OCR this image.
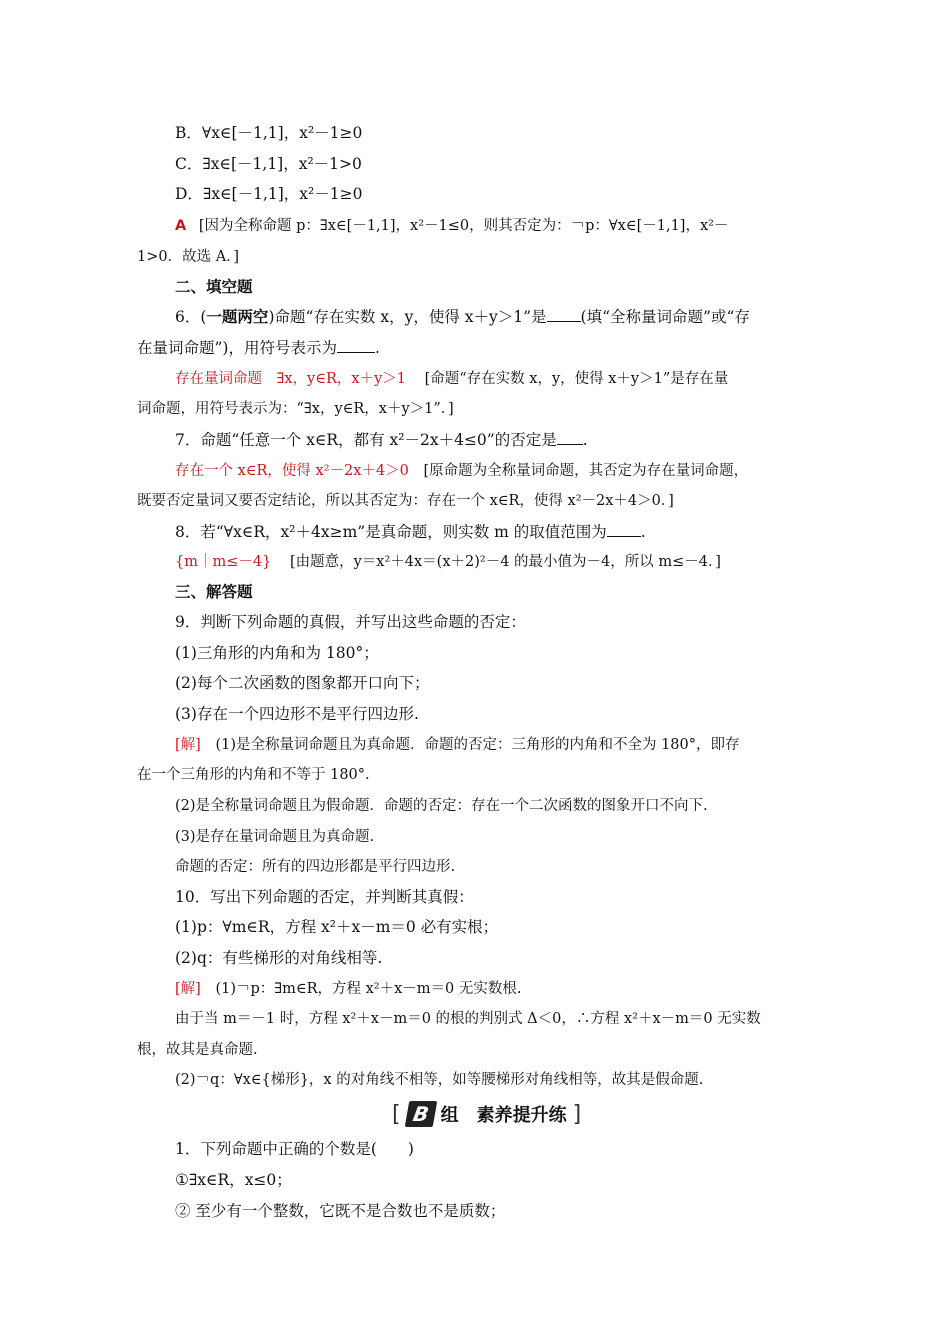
B．∀x∈[－1,1]，x²－1≥0
C．∃x∈[－1,1]，x²－1>0
D．∃x∈[－1,1]，x²－1≥0
A [因为全称命题 p：∃x∈[－1,1]，x²－1≤0，则其否定为：￢p：∀x∈[－1,1]，x²－
1>0．故选 A．]
二、填空题
6．(一题两空)命题“存在实数 x，y，使得 x＋y＞1”是 (填“全称量词命题”或“存
在量词命题”)，用符号表示为 .
存在量词命题　∃x，y∈R，x＋y＞1 [命题“存在实数 x，y，使得 x＋y＞1”是存在量
词命题，用符号表示为：“∃x，y∈R，x＋y＞1”．]
7．命题“任意一个 x∈R，都有 x²－2x＋4≤0”的否定是 .
存在一个 x∈R，使得 x²－2x＋4＞0 [原命题为全称量词命题，其否定为存在量词命题，
既要否定量词又要否定结论，所以其否定为：存在一个 x∈R，使得 x²－2x＋4＞0．]
8．若“∀x∈R，x²＋4x≥m”是真命题，则实数 m 的取值范围为 .
{m｜m≤－4} [由题意，y＝x²＋4x＝(x＋2)²－4 的最小值为－4，所以 m≤－4．]
三、解答题
9．判断下列命题的真假，并写出这些命题的否定：
(1)三角形的内角和为 180°；
(2)每个二次函数的图象都开口向下；
(3)存在一个四边形不是平行四边形.
[解] (1)是全称量词命题且为真命题．命题的否定：三角形的内角和不全为 180°，即存
在一个三角形的内角和不等于 180°.
(2)是全称量词命题且为假命题．命题的否定：存在一个二次函数的图象开口不向下.
(3)是存在量词命题且为真命题.
命题的否定：所有的四边形都是平行四边形.
10．写出下列命题的否定，并判断其真假：
(1)p：∀m∈R，方程 x²＋x－m＝0 必有实根；
(2)q：有些梯形的对角线相等.
[解] (1)￢p：∃m∈R，方程 x²＋x－m＝0 无实数根.
由于当 m＝－1 时，方程 x²＋x－m＝0 的根的判别式 Δ＜0，∴方程 x²＋x－m＝0 无实数
根，故其是真命题.
(2)￢q：∀x∈{梯形}，x 的对角线不相等，如等腰梯形对角线相等，故其是假命题.
[ B 组　素养提升练 ]
1．下列命题中正确的个数是(　　)
①∃x∈R，x≤0；
② 至少有一个整数，它既不是合数也不是质数；
